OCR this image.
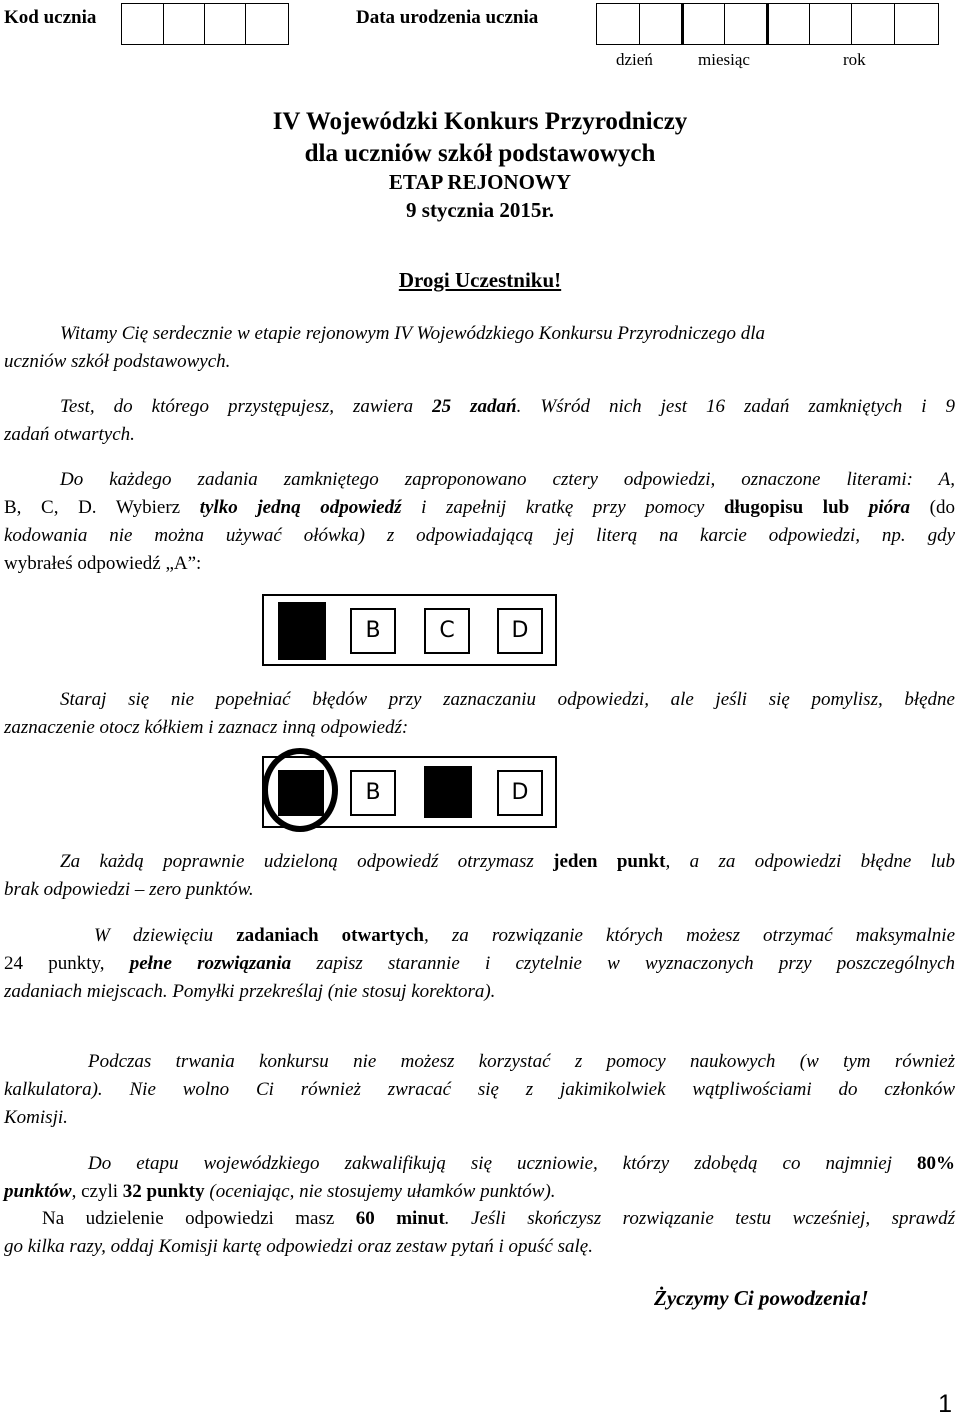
Kod ucznia	Data urodzenia ucznia
dzień	miesiąc	rok
IV Wojewódzki Konkurs Przyrodniczy
dla uczniów szkół podstawowych
ETAP REJONOWY
9 stycznia 2015r.
Drogi Uczestniku!
Witamy Cię serdecznie w etapie rejonowym IV Wojewódzkiego Konkursu Przyrodniczego dla
uczniów szkół podstawowych.
Test, do którego przystępujesz, zawiera 25 zadań. Wśród nich jest 16 zadań zamkniętych i 9
zadań otwartych.
Do każdego zadania zamkniętego zaproponowano cztery odpowiedzi, oznaczone literami: A,
B, C, D. Wybierz tylko jedną odpowiedź i zapełnij kratkę przy pomocy długopisu lub pióra (do
kodowania nie można używać ołówka) z odpowiadającą jej literą na karcie odpowiedzi, np. gdy
wybrałeś odpowiedź „A”:
B	C	D
Staraj się nie popełniać błędów przy zaznaczaniu odpowiedzi, ale jeśli się pomylisz, błędne
zaznaczenie otocz kółkiem i zaznacz inną odpowiedź:
B	D
Za każdą poprawnie udzieloną odpowiedź otrzymasz jeden punkt, a za odpowiedzi błędne lub
brak odpowiedzi – zero punktów.
W dziewięciu zadaniach otwartych, za rozwiązanie których możesz otrzymać maksymalnie
24 punkty, pełne rozwiązania zapisz starannie i czytelnie w wyznaczonych przy poszczególnych
zadaniach miejscach. Pomyłki przekreślaj (nie stosuj korektora).
Podczas trwania konkursu nie możesz korzystać z pomocy naukowych (w tym również
kalkulatora). Nie wolno Ci również zwracać się z jakimikolwiek wątpliwościami do członków
Komisji.
Do etapu wojewódzkiego zakwalifikują się uczniowie, którzy zdobędą co najmniej 80%
punktów, czyli 32 punkty (oceniając, nie stosujemy ułamków punktów).
Na udzielenie odpowiedzi masz 60 minut. Jeśli skończysz rozwiązanie testu wcześniej, sprawdź
go kilka razy, oddaj Komisji kartę odpowiedzi oraz zestaw pytań i opuść salę.
Życzymy Ci powodzenia!
1
